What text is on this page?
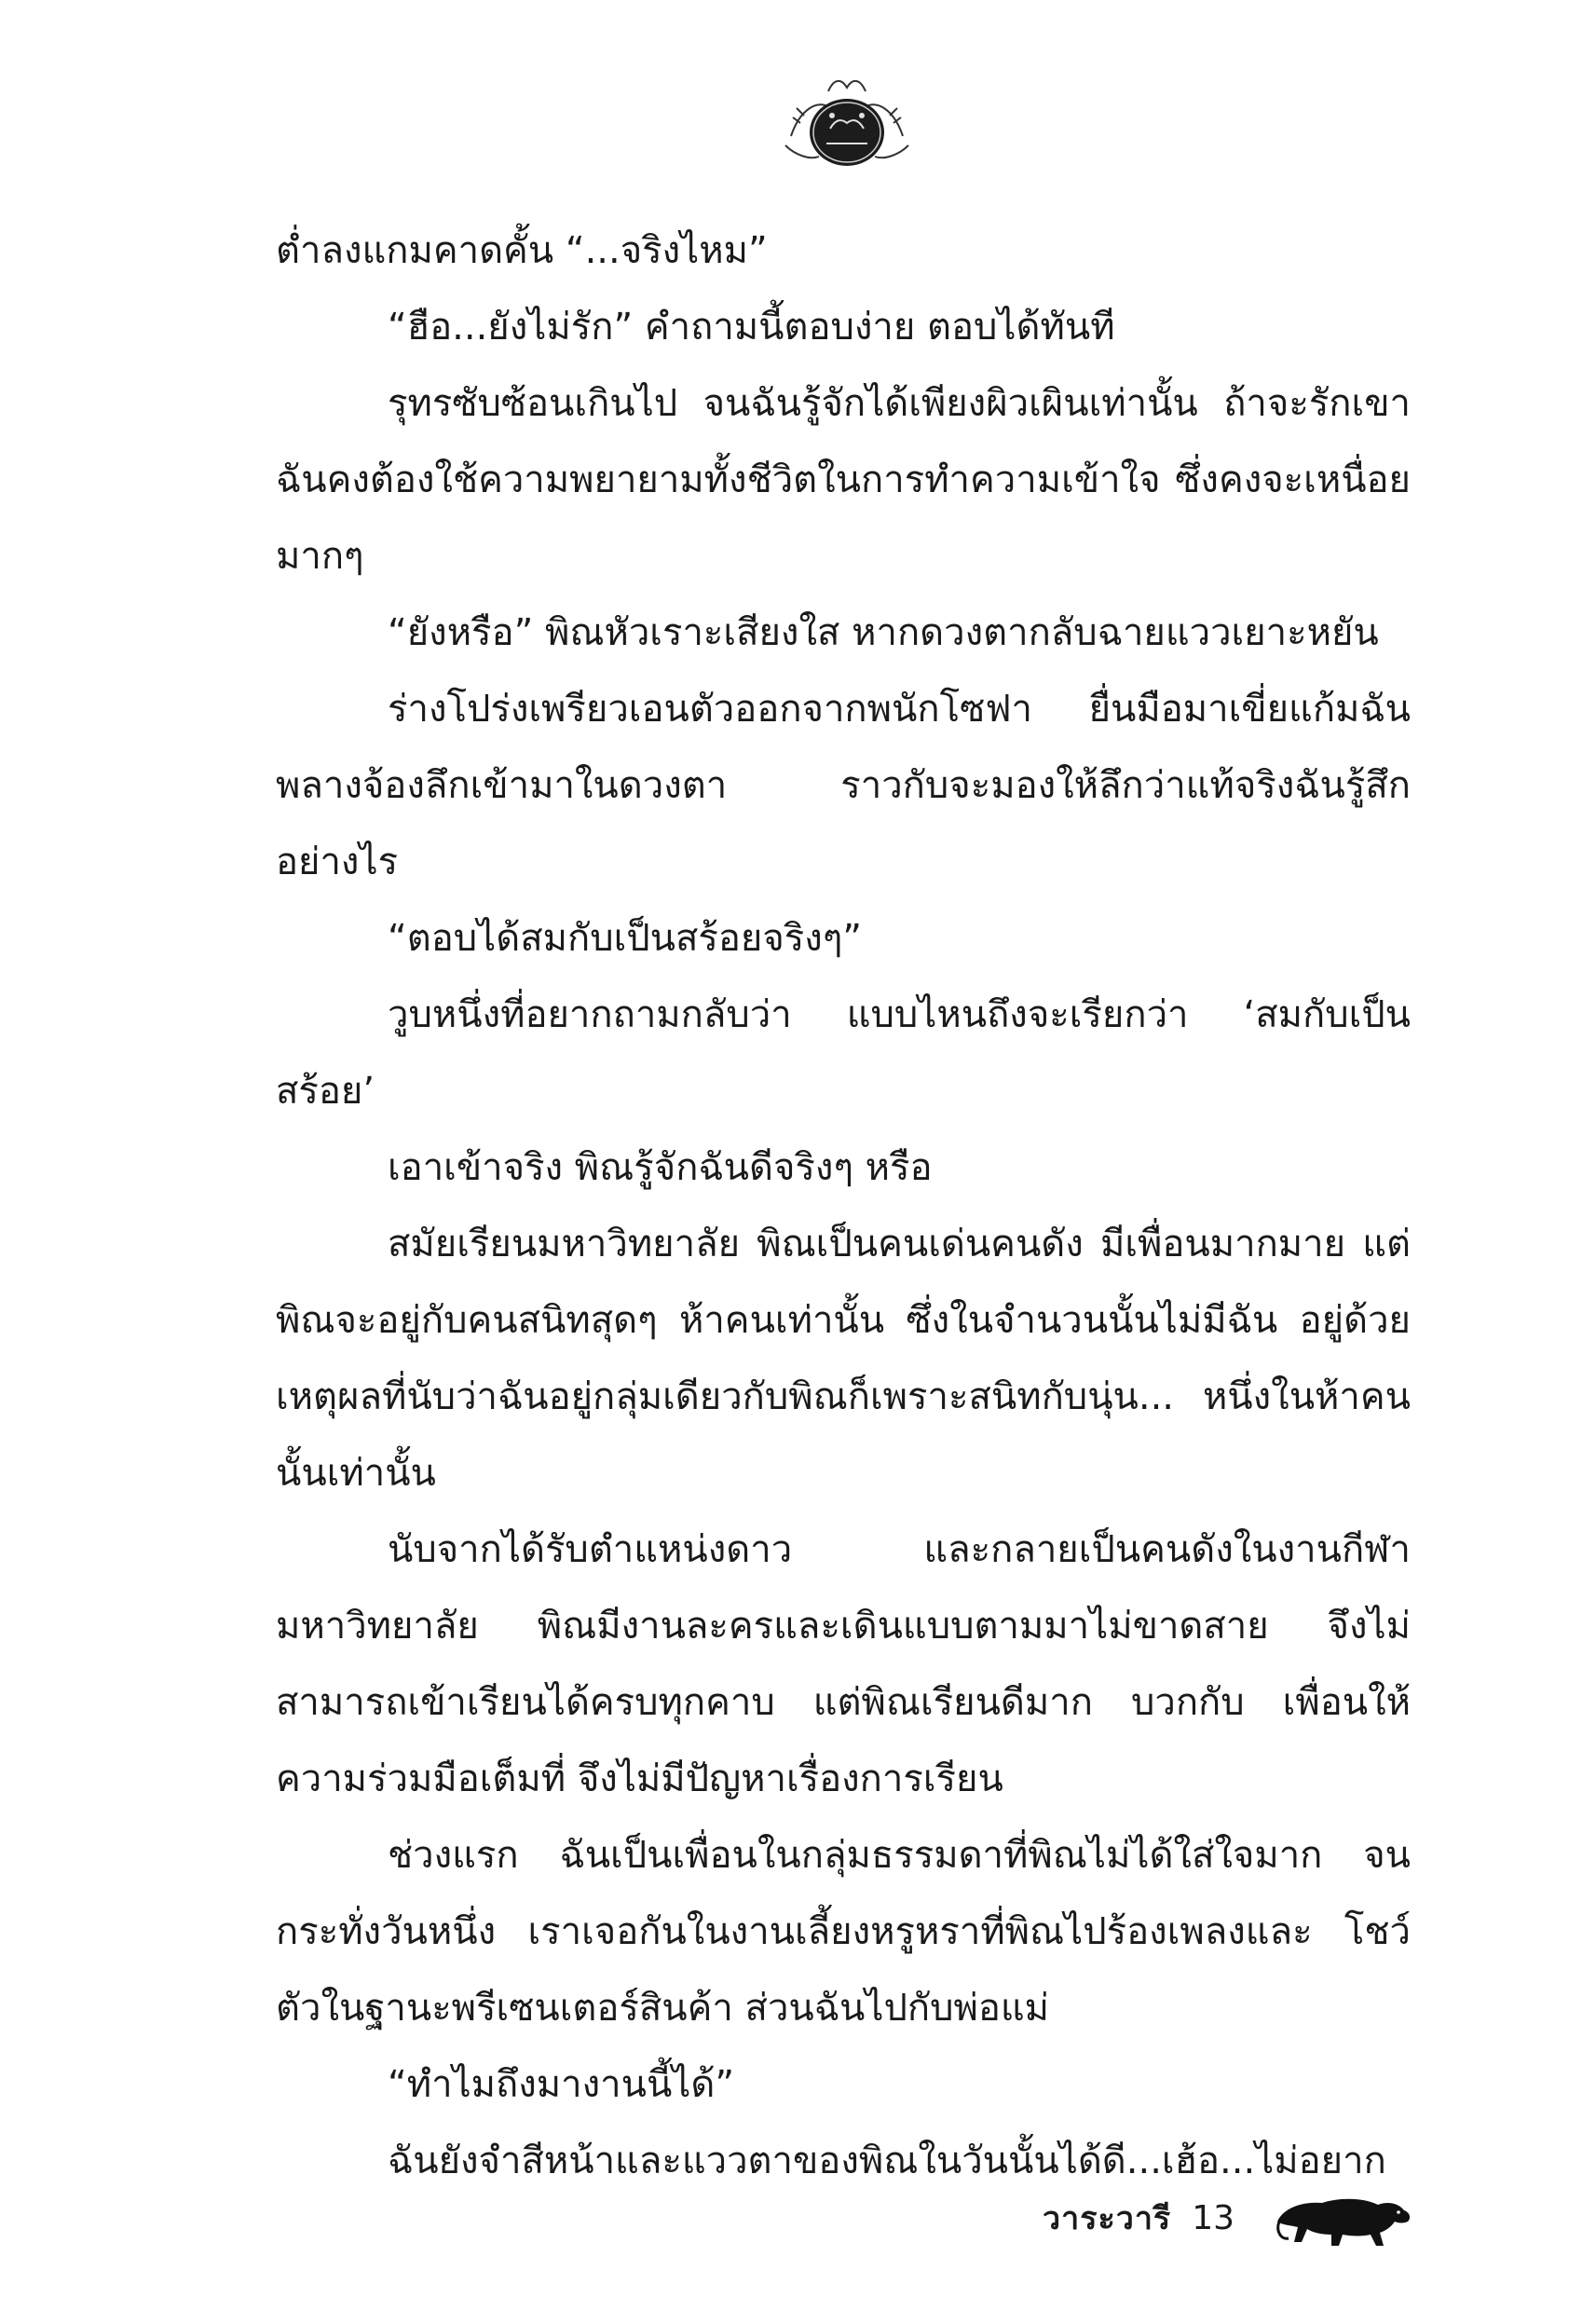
ต่ำลงแกมคาดคั้น “...จริงไหม”

“ฮือ...ยังไม่รัก” คำถามนี้ตอบง่าย ตอบได้ทันที

รุทรซับซ้อนเกินไป จนฉันรู้จักได้เพียงผิวเผินเท่านั้น ถ้าจะรักเขา ฉันคงต้องใช้ความพยายามทั้งชีวิตในการทำความเข้าใจ ซึ่งคงจะเหนื่อย มากๆ

“ยังหรือ” พิณหัวเราะเสียงใส หากดวงตากลับฉายแววเยาะหยัน

ร่างโปร่งเพรียวเอนตัวออกจากพนักโซฟา ยื่นมือมาเขี่ยแก้มฉัน พลางจ้องลึกเข้ามาในดวงตา ราวกับจะมองให้ลึกว่าแท้จริงฉันรู้สึก อย่างไร

“ตอบได้สมกับเป็นสร้อยจริงๆ”

วูบหนึ่งที่อยากถามกลับว่า แบบไหนถึงจะเรียกว่า ‘สมกับเป็น สร้อย’

เอาเข้าจริง พิณรู้จักฉันดีจริงๆ หรือ

สมัยเรียนมหาวิทยาลัย พิณเป็นคนเด่นคนดัง มีเพื่อนมากมาย แต่พิณจะอยู่กับคนสนิทสุดๆ ห้าคนเท่านั้น ซึ่งในจำนวนนั้นไม่มีฉัน อยู่ด้วย เหตุผลที่นับว่าฉันอยู่กลุ่มเดียวกับพิณก็เพราะสนิทกับนุ่น... หนึ่งในห้าคนนั้นเท่านั้น

นับจากได้รับตำแหน่งดาว และกลายเป็นคนดังในงานกีฬา มหาวิทยาลัย พิณมีงานละครและเดินแบบตามมาไม่ขาดสาย จึงไม่สามารถเข้าเรียนได้ครบทุกคาบ แต่พิณเรียนดีมาก บวกกับ เพื่อนให้ความร่วมมือเต็มที่ จึงไม่มีปัญหาเรื่องการเรียน

ช่วงแรก ฉันเป็นเพื่อนในกลุ่มธรรมดาที่พิณไม่ได้ใส่ใจมาก จนกระทั่งวันหนึ่ง เราเจอกันในงานเลี้ยงหรูหราที่พิณไปร้องเพลงและ โชว์ตัวในฐานะพรีเซนเตอร์สินค้า ส่วนฉันไปกับพ่อแม่

“ทำไมถึงมางานนี้ได้”

ฉันยังจำสีหน้าและแววตาของพิณในวันนั้นได้ดี...เฮ้อ...ไม่อยาก

วาระวารี 13
